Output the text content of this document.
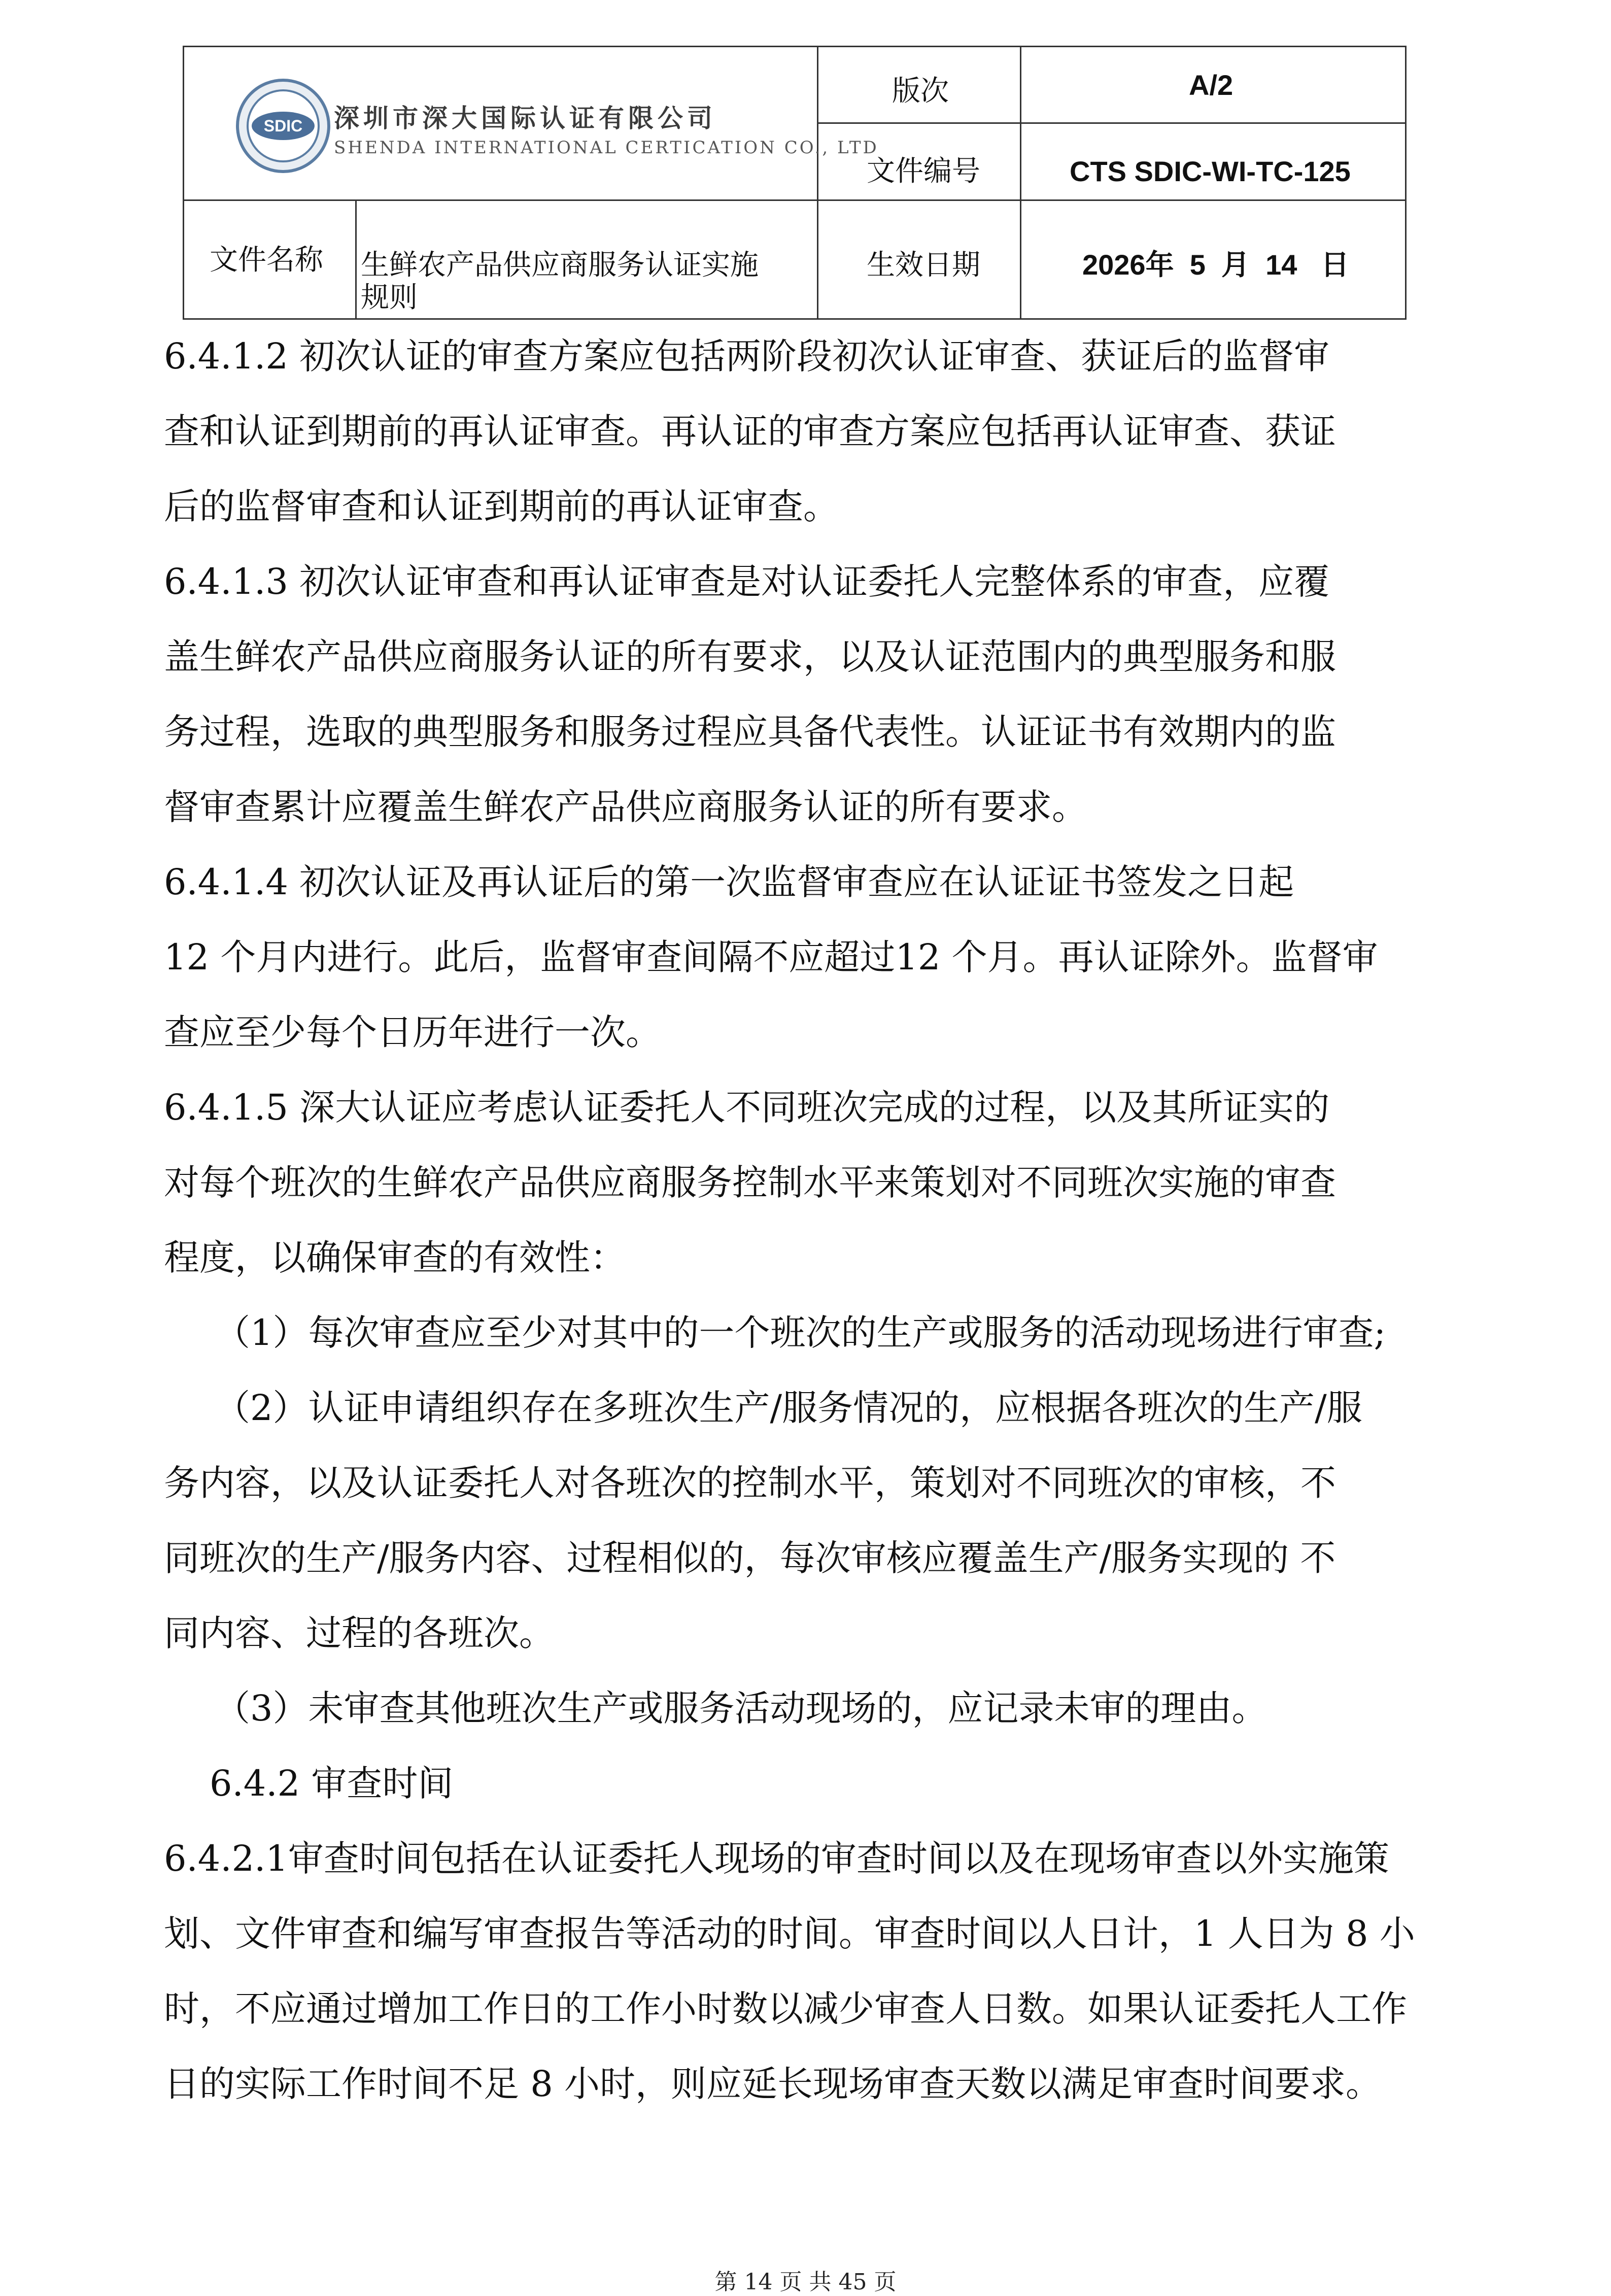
SDIC 深圳市深大国际认证有限公司
SHENDA INTERNATIONAL CERTICATION CO., LTD
版次	A/2
文件编号	CTS SDIC-WI-TC-125
文件名称 生鲜农产品供应商服务认证实施
规则
生效日期	2026年  5  月  14   日

6.4.1.2 初次认证的审查方案应包括两阶段初次认证审查、获证后的监督审

查和认证到期前的再认证审查。再认证的审查方案应包括再认证审查、获证

后的监督审查和认证到期前的再认证审查。

6.4.1.3 初次认证审查和再认证审查是对认证委托人完整体系的审查，应覆

盖生鲜农产品供应商服务认证的所有要求，以及认证范围内的典型服务和服

务过程，选取的典型服务和服务过程应具备代表性。认证证书有效期内的监

督审查累计应覆盖生鲜农产品供应商服务认证的所有要求。

6.4.1.4 初次认证及再认证后的第一次监督审查应在认证证书签发之日起

12 个月内进行。此后，监督审查间隔不应超过12 个月。再认证除外。监督审

查应至少每个日历年进行一次。

6.4.1.5 深大认证应考虑认证委托人不同班次完成的过程，以及其所证实的

对每个班次的生鲜农产品供应商服务控制水平来策划对不同班次实施的审查

程度，以确保审查的有效性：

（1）每次审查应至少对其中的一个班次的生产或服务的活动现场进行审查;

（2）认证申请组织存在多班次生产/服务情况的，应根据各班次的生产/服

务内容，以及认证委托人对各班次的控制水平，策划对不同班次的审核，不

同班次的生产/服务内容、过程相似的，每次审核应覆盖生产/服务实现的 不

同内容、过程的各班次。

（3）未审查其他班次生产或服务活动现场的，应记录未审的理由。

6.4.2 审查时间

6.4.2.1审查时间包括在认证委托人现场的审查时间以及在现场审查以外实施策

划、文件审查和编写审查报告等活动的时间。审查时间以人日计，1 人日为 8 小

时，不应通过增加工作日的工作小时数以减少审查人日数。如果认证委托人工作

日的实际工作时间不足 8 小时，则应延长现场审查天数以满足审查时间要求。

第 14 页 共 45 页
